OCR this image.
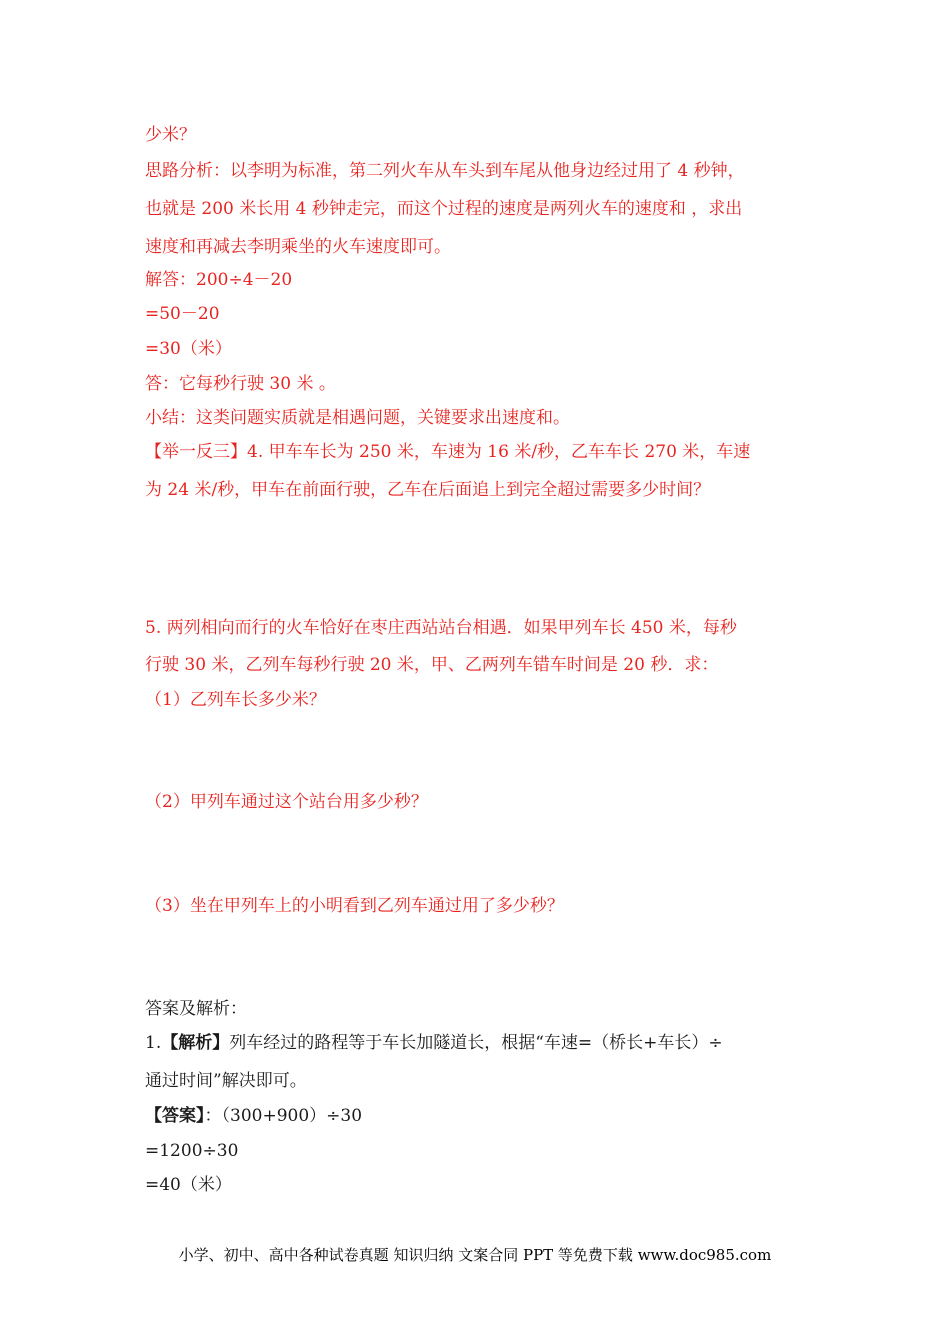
少米？
思路分析：以李明为标准，第二列火车从车头到车尾从他身边经过用了 4 秒钟，
也就是 200 米长用 4 秒钟走完，而这个过程的速度是两列火车的速度和 ，求出
速度和再减去李明乘坐的火车速度即可。
解答：200÷4－20
=50－20
=30（米）
答：它每秒行驶 30 米 。
小结：这类问题实质就是相遇问题，关键要求出速度和。
【举一反三】4. 甲车车长为 250 米，车速为 16 米/秒，乙车车长 270 米，车速
为 24 米/秒，甲车在前面行驶，乙车在后面追上到完全超过需要多少时间？
5. 两列相向而行的火车恰好在枣庄西站站台相遇．如果甲列车长 450 米，每秒
行驶 30 米，乙列车每秒行驶 20 米，甲、乙两列车错车时间是 20 秒．求：
（1）乙列车长多少米？
（2）甲列车通过这个站台用多少秒？
（3）坐在甲列车上的小明看到乙列车通过用了多少秒？
答案及解析：
1.【解析】列车经过的路程等于车长加隧道长，根据“车速=（桥长+车长）÷
通过时间”解决即可。
【答案】：（300+900）÷30
=1200÷30
=40（米）
小学、初中、高中各种试卷真题 知识归纳 文案合同 PPT 等免费下载 www.doc985.com
